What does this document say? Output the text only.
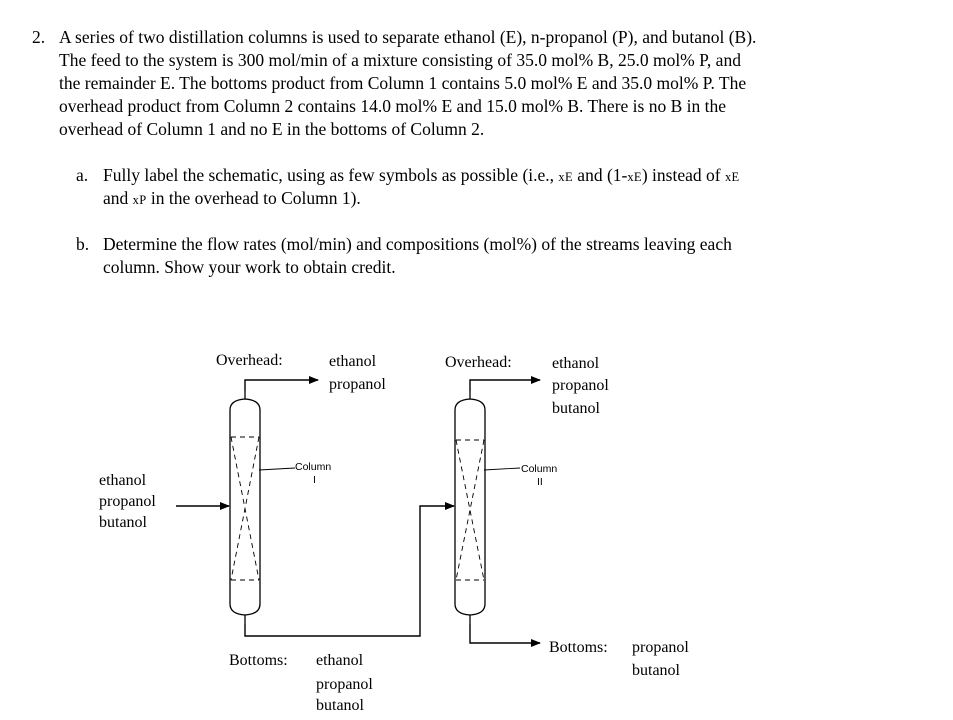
2. A series of two distillation columns is used to separate ethanol (E), n-propanol (P), and butanol (B).
The feed to the system is 300 mol/min of a mixture consisting of 35.0 mol% B, 25.0 mol% P, and
the remainder E. The bottoms product from Column 1 contains 5.0 mol% E and 35.0 mol% P. The
overhead product from Column 2 contains 14.0 mol% E and 15.0 mol% B. There is no B in the
overhead of Column 1 and no E in the bottoms of Column 2.
a. Fully label the schematic, using as few symbols as possible (i.e., xE and (1-xE) instead of xE
and xP in the overhead to Column 1).
b. Determine the flow rates (mol/min) and compositions (mol%) of the streams leaving each
column. Show your work to obtain credit.
ethanol
propanol
butanol
Overhead:	ethanol
propanol
Column
I
Bottoms: ethanol
propanol
butanol
Overhead:	ethanol
propanol
butanol
Column
II
Bottoms: propanol
butanol
